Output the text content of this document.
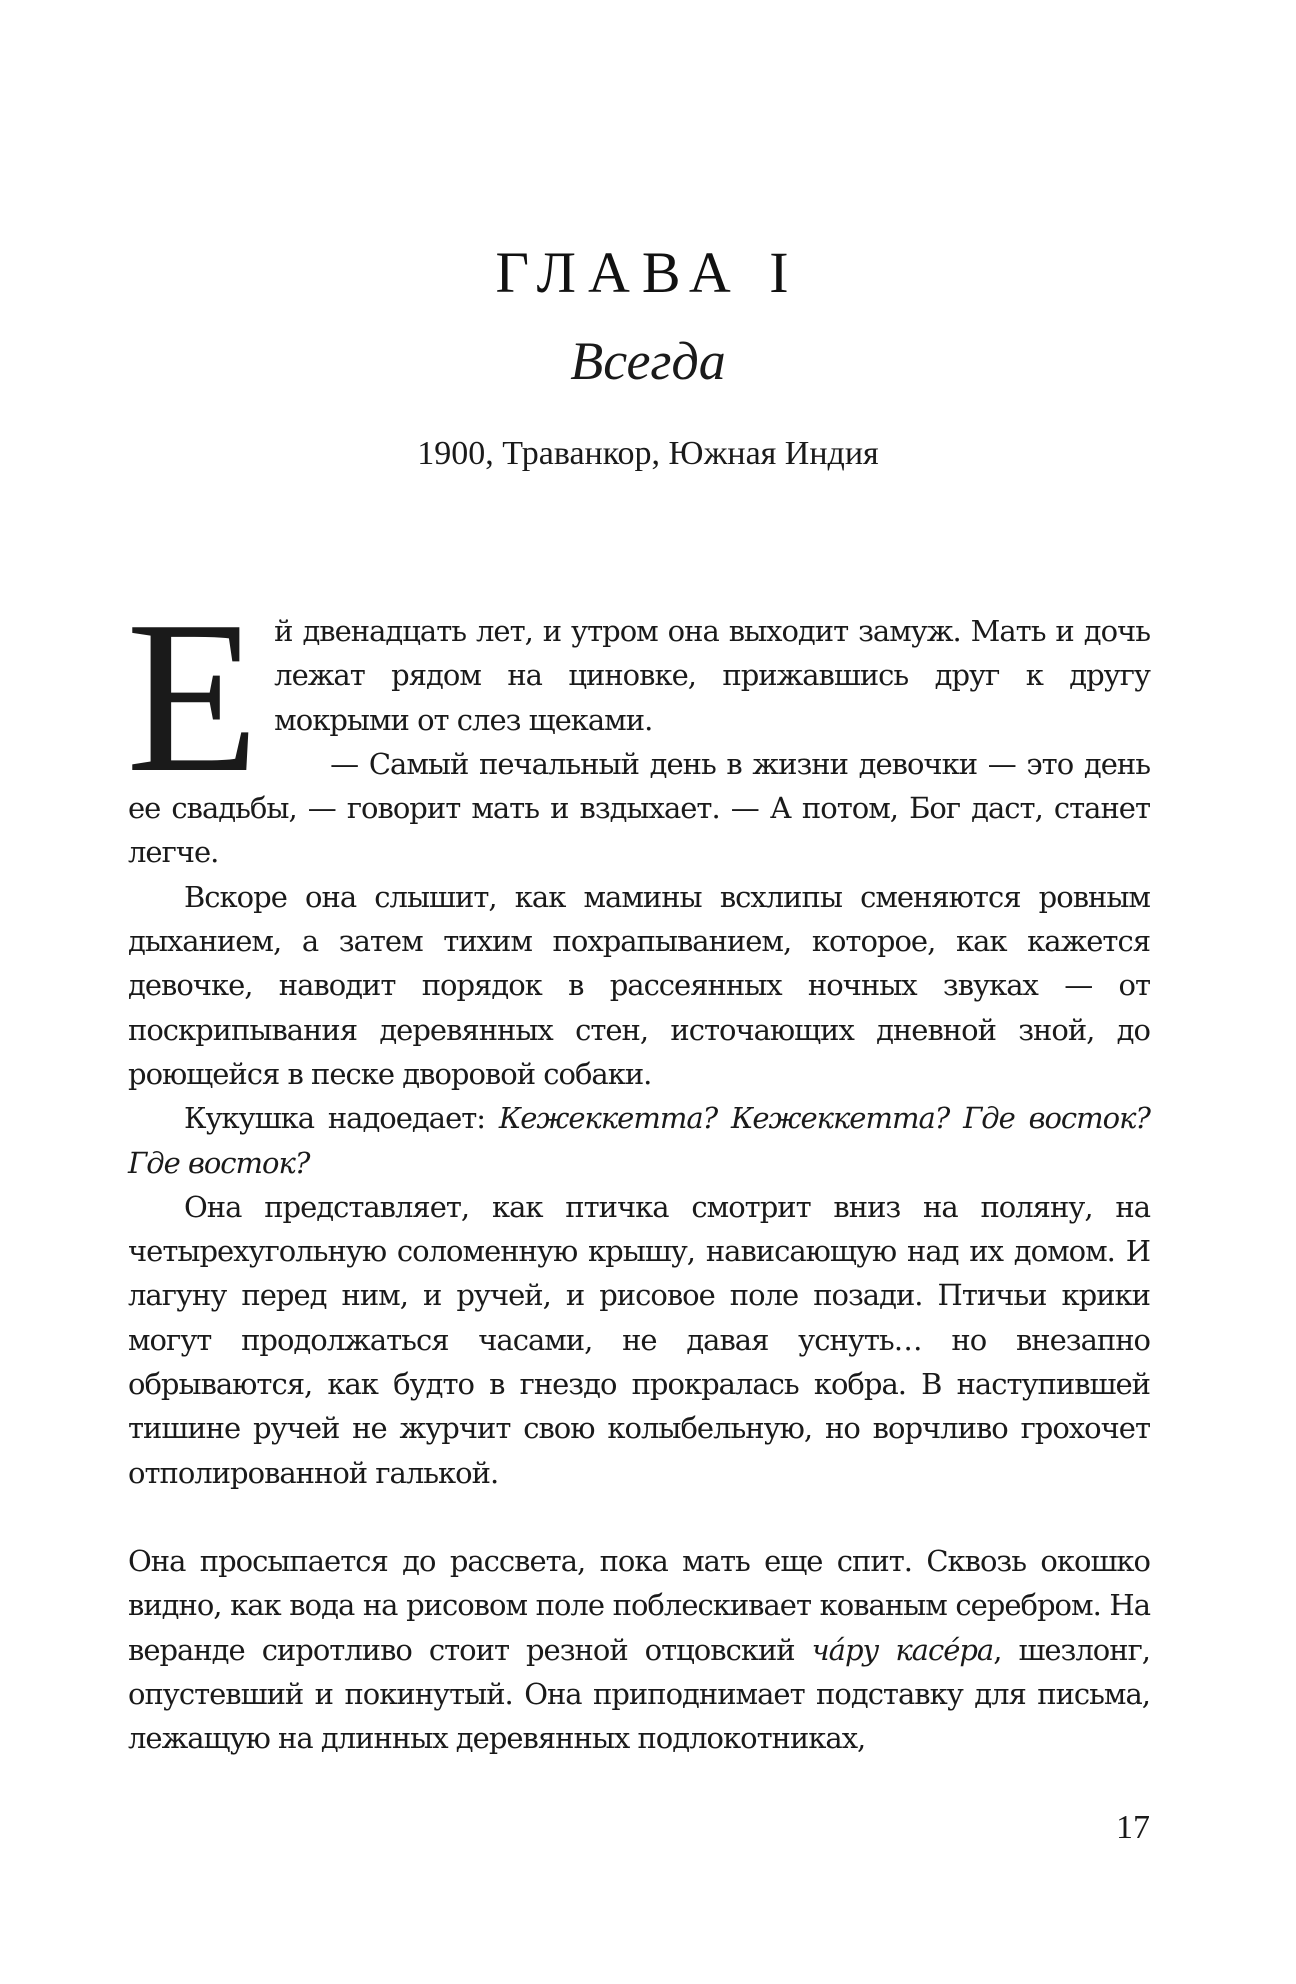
ГЛАВА I
Всегда
1900, Траванкор, Южная Индия

Ей двенадцать лет, и утром она выходит замуж. Мать и дочь лежат рядом на циновке, прижавшись друг к другу мокрыми от слез щеками.

— Самый печальный день в жизни девочки — это день ее свадьбы, — говорит мать и вздыхает. — А потом, Бог даст, станет легче.

Вскоре она слышит, как мамины всхлипы сменяются ровным дыханием, а затем тихим похрапыванием, которое, как кажется девочке, наводит порядок в рассеянных ночных звуках — от поскрипывания деревянных стен, источающих дневной зной, до роющейся в песке дворовой собаки.

Кукушка надоедает: Кежеккетта? Кежеккетта? Где восток? Где восток?

Она представляет, как птичка смотрит вниз на поляну, на четырехугольную соломенную крышу, нависающую над их домом. И лагуну перед ним, и ручей, и рисовое поле позади. Птичьи крики могут продолжаться часами, не давая уснуть… но внезапно обрываются, как будто в гнездо прокралась кобра. В наступившей тишине ручей не журчит свою колыбельную, но ворчливо грохочет отполированной галькой.

Она просыпается до рассвета, пока мать еще спит. Сквозь окошко видно, как вода на рисовом поле поблескивает кованым серебром. На веранде сиротливо стоит резной отцовский ча́ру касе́ра, шезлонг, опустевший и покинутый. Она приподнимает подставку для письма, лежащую на длинных деревянных подлокотниках,

17
